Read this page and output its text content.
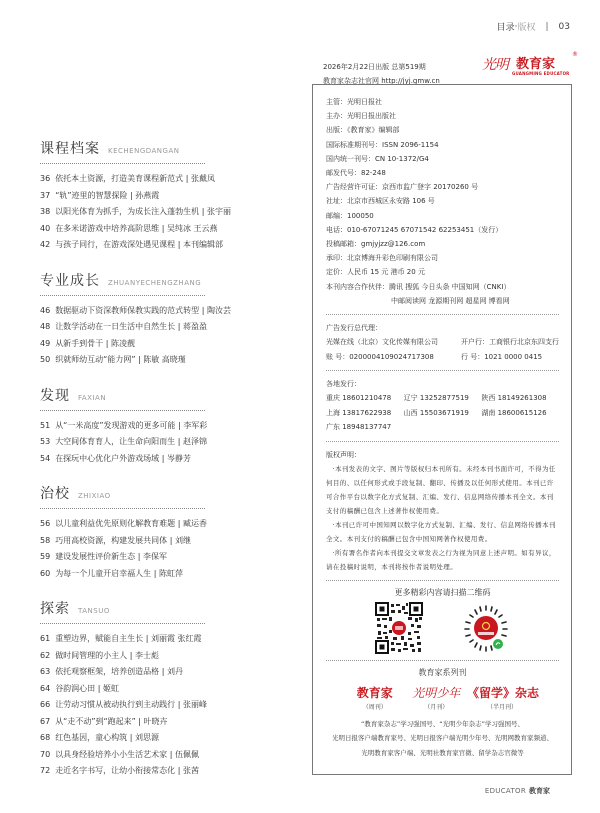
目录 · 版权 | 03
课程档案 KECHENGDANGAN
36 依托本土资源，打造美育课程新范式 | 张戴凤
37 “轨”迹里的智慧探险 | 孙燕霞
38 以阳光体育为抓手，为成长注入蓬勃生机 | 张宇丽
40 在多米诺游戏中培养高阶思维 | 吴纯冰 王云燕
42 与孩子同行，在游戏深处遇见课程 | 本刊编辑部
专业成长 ZHUANYECHENGZHANG
46 数据驱动下资深教师保教实践的范式转型 | 陶汝芸
48 让数学活动在一日生活中自然生长 | 蒋盈盈
49 从新手到骨干 | 陈凌靓
50 织就师幼互动“能力网” | 陈敏 高晓瑾
发现 FAXIAN
51 从“一米高度”发现游戏的更多可能 | 李军彩
53 大空间体育育人，让生命向阳而生 | 赵泽锦
54 在探玩中心优化户外游戏场域 | 岑静芳
治校 ZHIXIAO
56 以儿童利益优先原则化解教育难题 | 臧运香
58 巧用高校资源，构建发展共同体 | 刘继
59 建设发展性评价新生态 | 李保军
60 为每一个儿童开启幸福人生 | 陈虹萍
探索 TANSUO
61 重塑边界，赋能自主生长 | 刘丽霞 张红霞
62 做时间管理的小主人 | 李士彪
63 依托观察框架，培养创造品格 | 刘丹
64 谷韵润心田 | 姬虹
66 让劳动习惯从被动执行到主动践行 | 张丽峰
67 从“走不动”到“跑起来” | 叶晓卉
68 红色基因，童心构筑 | 刘思源
70 以具身经验培养小小生活艺术家 | 伍佩佩
72 走近名字书写，让幼小衔接常态化 | 张茜
2026年2月22日出版 总第519期
教育家杂志社官网 http://jyj.gmw.cn
光明 教育家
®
GUANGMING EDUCATOR
主管：光明日报社
主办：光明日报出版社
出版：《教育家》编辑部
国际标准期刊号：ISSN 2096-1154
国内统一刊号：CN 10-1372/G4
邮发代号：82-248
广告经营许可证：京西市监广登字 20170260 号
社址：北京市西城区永安路 106 号
邮编：100050
电话：010-67071245 67071542 62253451（发行）
投稿邮箱：gmjyjzz@126.com
承印：北京博海升彩色印刷有限公司
定价：人民币 15 元 港币 20 元
本刊内容合作伙伴：腾讯 搜狐 今日头条 中国知网（CNKI）
中邮阅读网 龙源期刊网 超星网 博看网
广告发行总代理：
光媒在线（北京）文化传媒有限公司	开户行：工商银行北京东四支行
账 号：0200004109024717308	行 号：1021 0000 0415
各地发行：
重庆 18601210478	辽宁 13252877519	陕西 18149261308
上海 13817622938	山西 15503671919	湖南 18600615126
广东 18948137747
版权声明：

·本刊发表的文字、图片等版权归本刊所有。未经本刊书面许可，不得为任何目的、以任何形式或手段复制、翻印、传播及以任何形式使用。本刊已许可合作平台以数字化方式复制、汇编、发行、信息网络传播本刊全文。本刊支付的稿酬已包含上述著作权使用费。

·本刊已许可中国知网以数字化方式复制、汇编、发行、信息网络传播本刊全文。本刊支付的稿酬已包含中国知网著作权使用费。

·所有署名作者向本刊提交文章发表之行为视为同意上述声明。如有异议，请在投稿时说明，本刊将按作者说明处理。

更多精彩内容请扫描二维码
教育家系列刊
教育家
（周刊）
光明少年
（月刊）
《留学》杂志
（半月刊）
“教育家杂志”学习强国号、“光明少年杂志”学习强国号、
光明日报客户端教育家号、光明日报客户端光明少年号、光明网教育家频道、
光明教育家客户端、光明社教育家官微、留学杂志官微等
EDUCATOR 教育家
